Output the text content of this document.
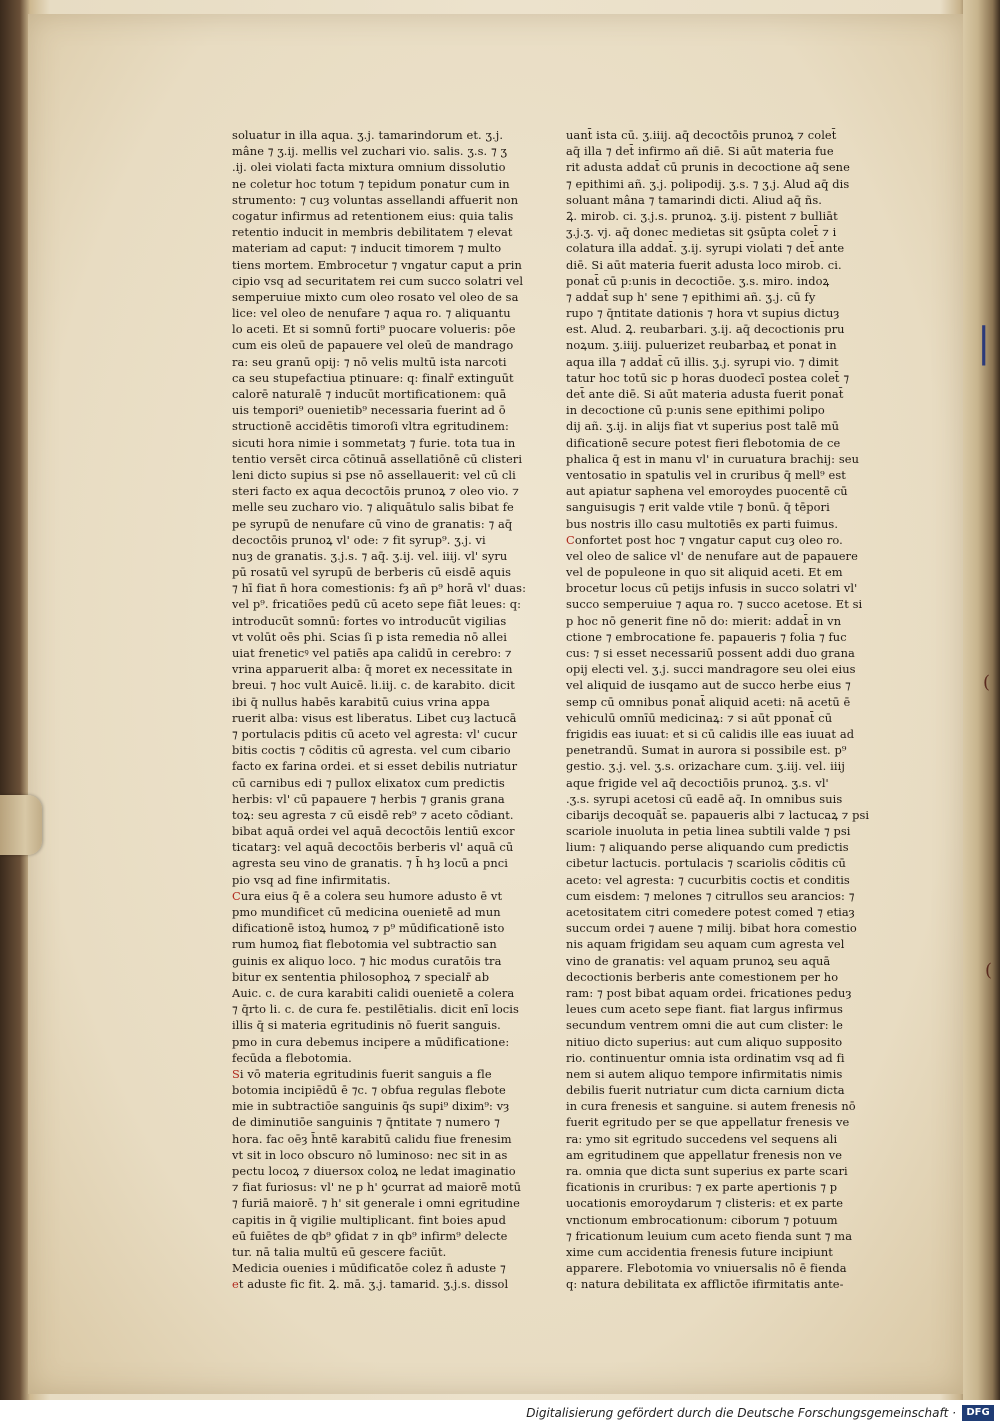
|
(
(
soluatur in illa aqua. ʒ.j. tamarindorum et. ʒ.j.
mâne ⁊ ʒ.ij. mellis vel zuchari vio. salis. ʒ.s. ⁊ ʒ
.ij. olei violati facta mixtura omnium dissolutio
ne coletur hoc totum ⁊ tepidum ponatur cum in
strumento: ⁊ cuȝ voluntas assellandi affuerit non
cogatur infirmus ad retentionem eius: quia talis
retentio inducit in membris debilitatem ⁊ elevat
materiam ad caput: ⁊ inducit timorem ⁊ multo
tiens mortem. Embrocetur ⁊ vngatur caput a prin
cipio vsq ad securitatem rei cum succo solatri vel
semperuiue mixto cum oleo rosato vel oleo de sa
lice: vel oleo de nenufare ⁊ aqua ro. ⁊ aliquantu
lo aceti. Et si somnū forti⁹ puocare volueris: pōe
cum eis oleū de papauere vel oleū de mandrago
ra: seu granū opij: ⁊ nō velis multū ista narcoti
ca seu stupefactiua ptinuare: q: finalr̄ extinguūt
calorē naturalē ⁊ inducūt mortificationem: quā
uis tempori⁹ ouenietib⁹ necessaria fuerint ad ō
structionē accidētis timoroſi vltra egritudinem:
sicuti hora nimie i sommetatȝ ⁊ furie. tota tua in
tentio versēt circa cōtinuā assellatiōnē cū clisteri
leni dicto supius si pse nō assellauerit: vel cū cli
steri facto ex aqua decoctōis prunoꝝ ⁊ oleo vio. ⁊
melle seu zucharo vio. ⁊ aliquātulo salis bibat fe
pe syrupū de nenufare cū vino de granatis: ⁊ aq̄
decoctōis prunoꝝ vl' ode: ⁊ fit syrup⁹. ʒ.j. vi
nuȝ de granatis. ʒ.j.s. ⁊ aq̄. ʒ.ij. vel. iiij. vl' syru
pū rosatū vel syrupū de berberis cū eisdē aquis
⁊ hī fiat n̄ hora comestionis: fȝ añ p⁹ horā vl' duas:
vel p⁹. fricatiões pedū cū aceto sepe fiāt leues: q:
introducūt somnū: fortes vo introducūt vigilias
vt volūt oēs phi. Scias ſi p ista remedia nō allei
uiat freneticꝰ vel patiēs apa calidū in cerebro: ⁊
vrina apparuerit alba: q̄ moret ex necessitate in
breui. ⁊ hoc vult Auicē. li.iij. c. de karabito. dicit
ibi q̄ nullus habēs karabitū cuius vrina appa
ruerit alba: visus est liberatus. Libet cuȝ lactucā
⁊ portulacis pditis cū aceto vel agresta: vl' cucur
bitis coctis ⁊ cōditis cū agresta. vel cum cibario
facto ex farina ordei. et si esset debilis nutriatur
cū carnibus edi ⁊ pullox elixatox cum predictis
herbis: vl' cū papauere ⁊ herbis ⁊ granis grana
toꝝ: seu agresta ⁊ cū eisdē reb⁹ ⁊ aceto cōdiant.
bibat aquā ordei vel aquā decoctōis lentiū excor
ticatarꝫ: vel aquā decoctōis berberis vl' aquā cū
agresta seu vino de granatis. ⁊ h̄ hȝ locū a pnci
pio vsq ad fine infirmitatis.
Cura eius q̄ ē a colera seu humore adusto ē vt
pmo mundificet cū medicina ouenietē ad mun
dificationē istoꝝ humoꝝ ⁊ p⁹ mūdificationē isto
rum humoꝝ fiat flebotomia vel subtractio san
guinis ex aliquo loco. ⁊ hic modus curatōis tra
bitur ex sententia philosophoꝝ ⁊ specialr̄ ab
Auic. c. de cura karabiti calidi ouenietē a colera
⁊ q̄rto li. c. de cura fe. pestilētialis. dicit enī locis
illis q̄ si materia egritudinis nō fuerit sanguis.
pmo in cura debemus incipere a mūdificatione:
fecūda a flebotomia.
Si vō materia egritudinis fuerit sanguis a fle
botomia incipiēdū ē ⁊c. ⁊ obfua regulas flebote
mie in subtractiōe sanguinis q̄s supi⁹ dixim⁹: vȝ
de diminutiōe sanguinis ⁊ q̄ntitate ⁊ numero ⁊
hora. fac oēȝ h̄ntē karabitū calidu fiue frenesim
vt sit in loco obscuro nō luminoso: nec sit in as
pectu locoꝝ ⁊ diuersox coloꝝ ne ledat imaginatio
⁊ fiat furiosus: vl' ne p h' ꝯcurrat ad maiorē motū
⁊ furiā maiorē. ⁊ h' sit generale i omni egritudine
capitis in q̄ vigilie multiplicant. fint boies apud
eū fuiētes de qb⁹ ꝯfidat ⁊ in qb⁹ infirm⁹ delecte
tur. nā talia multū eū gescere faciūt.
Medicia ouenies i mūdificatōe colez n̄ aduste ⁊
et aduste fic fit. Ꝝ. mā. ʒ.j. tamarid. ʒ.j.s. dissol
uant̄ ista cū. ʒ.iiij. aq̄ decoctōis prunoꝝ ⁊ colet̄
aq̄ illa ⁊ det̄ infirmo añ diē. Si aūt materia fue
rit adusta addat̄ cū prunis in decoctione aq̄ sene
⁊ epithimi añ. ʒ.j. polipodij. ʒ.s. ⁊ ʒ.j. Alud aq̄ dis
soluant mâna ⁊ tamarindi dicti. Aliud aq̄ ñs.
Ꝝ. mirob. ci. ʒ.j.s. prunoꝝ. ʒ.ij. pistent ⁊ bulliāt
ʒ.j.ʒ. vj. aq̄ donec medietas sit ꝯsūpta colet̄ ⁊ i
colatura illa addat̄. ʒ.ij. syrupi violati ⁊ det̄ ante
diē. Si aūt materia fuerit adusta loco mirob. ci.
ponat̄ cū p:unis in decoctiōe. ʒ.s. miro. indoꝝ
⁊ addat̄ sup h' sene ⁊ epithimi añ. ʒ.j. cū fy
rupo ⁊ q̄ntitate dationis ⁊ hora vt supius dictuȝ
est. Alud. Ꝝ. reubarbari. ʒ.ij. aq̄ decoctionis pru
noꝝum. ʒ.iiij. puluerizet reubarbaꝝ et ponat in
aqua illa ⁊ addat̄ cū illis. ʒ.j. syrupi vio. ⁊ dimit
tatur hoc totū sic p horas duodecī postea colet̄ ⁊
det̄ ante diē. Si aūt materia adusta fuerit ponat̄
in decoctione cū p:unis sene epithimi polipo
dij añ. ʒ.ij. in alijs fiat vt superius post talē mū
dificationē secure potest fieri flebotomia de ce
phalica q̄ est in manu vl' in curuatura brachij: seu
ventosatio in spatulis vel in cruribus q̄ mell⁹ est
aut apiatur saphena vel emoroydes puocentē cū
sanguisugis ⁊ erit valde vtile ⁊ bonū. q̄ tēpori
bus nostris illo casu multotiēs ex parti fuimus.
Confortet post hoc ⁊ vngatur caput cuȝ oleo ro.
vel oleo de salice vl' de nenufare aut de papauere
vel de populeone in quo sit aliquid aceti. Et em
brocetur locus cū petijs infusis in succo solatri vl'
succo semperuiue ⁊ aqua ro. ⁊ succo acetose. Et si
p hoc nō generit fine nō do: mierit: addat̄ in vn
ctione ⁊ embrocatione fe. papaueris ⁊ folia ⁊ fuc
cus: ⁊ si esset necessariū possent addi duo grana
opij electi vel. ʒ.j. succi mandragore seu olei eius
vel aliquid de iusqamo aut de succo herbe eius ⁊
semp cū omnibus ponat̄ aliquid aceti: nā acetū ē
vehiculū omnīū medicinaꝝ: ⁊ si aūt pponat̄ cū
frigidis eas iuuat: et si cū calidis ille eas iuuat ad
penetrandū. Sumat in aurora si possibile est. p⁹
gestio. ʒ.j. vel. ʒ.s. orizachare cum. ʒ.iij. vel. iiij
aque frigide vel aq̄ decoctiōis prunoꝝ. ʒ.s. vl'
.ʒ.s. syrupi acetosi cū eadē aq̄. In omnibus suis
cibarijs decoquāt̄ se. papaueris albi ⁊ lactucaꝝ ⁊ psi
scariole inuoluta in petia linea subtili valde ⁊ psi
lium: ⁊ aliquando perse aliquando cum predictis
cibetur lactucis. portulacis ⁊ scariolis cōditis cū
aceto: vel agresta: ⁊ cucurbitis coctis et conditis
cum eisdem: ⁊ melones ⁊ citrullos seu arancios: ⁊
acetositatem citri comedere potest comed ⁊ etiaȝ
succum ordei ⁊ auene ⁊ milij. bibat hora comestio
nis aquam frigidam seu aquam cum agresta vel
vino de granatis: vel aquam prunoꝝ seu aquā
decoctionis berberis ante comestionem per ho
ram: ⁊ post bibat aquam ordei. fricationes peduȝ
leues cum aceto sepe fiant. fiat largus infirmus
secundum ventrem omni die aut cum clister: le
nitiuo dicto superius: aut cum aliquo supposito
rio. continuentur omnia ista ordinatim vsq ad fi
nem si autem aliquo tempore infirmitatis nimis
debilis fuerit nutriatur cum dicta carnium dicta
in cura frenesis et sanguine. si autem frenesis nō
fuerit egritudo per se que appellatur frenesis ve
ra: ymo sit egritudo succedens vel sequens ali
am egritudinem que appellatur frenesis non ve
ra. omnia que dicta sunt superius ex parte scari
ficationis in cruribus: ⁊ ex parte apertionis ⁊ p
uocationis emoroydarum ⁊ clisteris: et ex parte
vnctionum embrocationum: ciborum ⁊ potuum
⁊ fricationum leuium cum aceto fienda sunt ⁊ ma
xime cum accidentia frenesis future incipiunt
apparere. Flebotomia vo vniuersalis nō ē fienda
q: natura debilitata ex afflictōe ifirmitatis ante-
Digitalisierung gefördert durch die Deutsche Forschungsgemeinschaft ·	DFG
